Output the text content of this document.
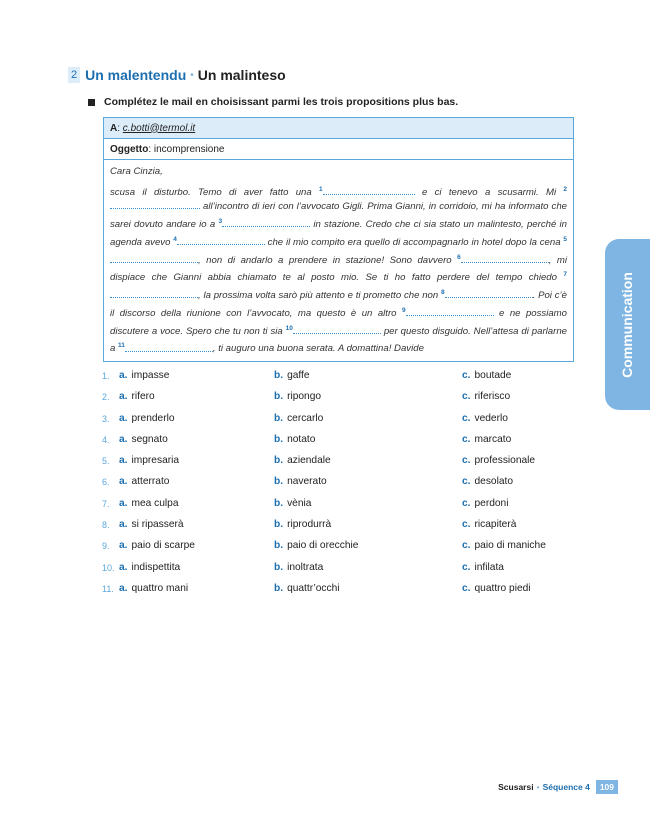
2 Un malentendu • Un malinteso
Complétez le mail en choisissant parmi les trois propositions plus bas.
A : c.botti@termol.it
Oggetto : incomprensione
Cara Cinzia,
scusa il disturbo. Temo di aver fatto una $^1$	e ci tenevo a scusarmi. Mi $^2$ all’incontro di ieri con l’avvocato Gigli. Prima Gianni, in corridoio, mi ha informato che sarei dovuto andare io a $^3$	in stazione. Credo che ci sia stato un malintesto, perché in agenda avevo $^4$	che il mio compito era quello di accompagnarlo in hotel dopo la cena $^5$, non di andarlo a prendere in stazione! Sono davvero $^6$	, mi dispiace che Gianni abbia chiamato te al posto mio. Se ti ho fatto perdere del tempo chiedo $^7$, la prossima volta sarò più attento e ti prometto che non $^8$	. Poi c’è il discorso della riunione con l’avvocato, ma questo è un altro $^9$	e ne possiamo discutere a voce. Spero che tu non ti sia $^{10}$	per questo disguido. Nell’attesa di parlarne a $^{11}$	, ti auguro una buona serata. A domattina! Davide
1. a. impasse	b. gaffe	c. boutade
2. a. rifero	b. ripongo	c. riferisco
3. a. prenderlo	b. cercarlo	c. vederlo
4. a. segnato	b. notato	c. marcato
5. a. impresaria	b. aziendale	c. professionale
6. a. atterrato	b. naverato	c. desolato
7. a. mea culpa	b. vènia	c. perdoni
8. a. si ripasserà	b. riprodurrà	c. ricapiterà
9. a. paio di scarpe	b. paio di orecchie	c. paio di maniche
10. a. indispettita	b. inoltrata	c. infilata
11. a. quattro mani	b. quattr’occhi	c. quattro piedi
Communication
Scusarsi • Séquence 4	109
